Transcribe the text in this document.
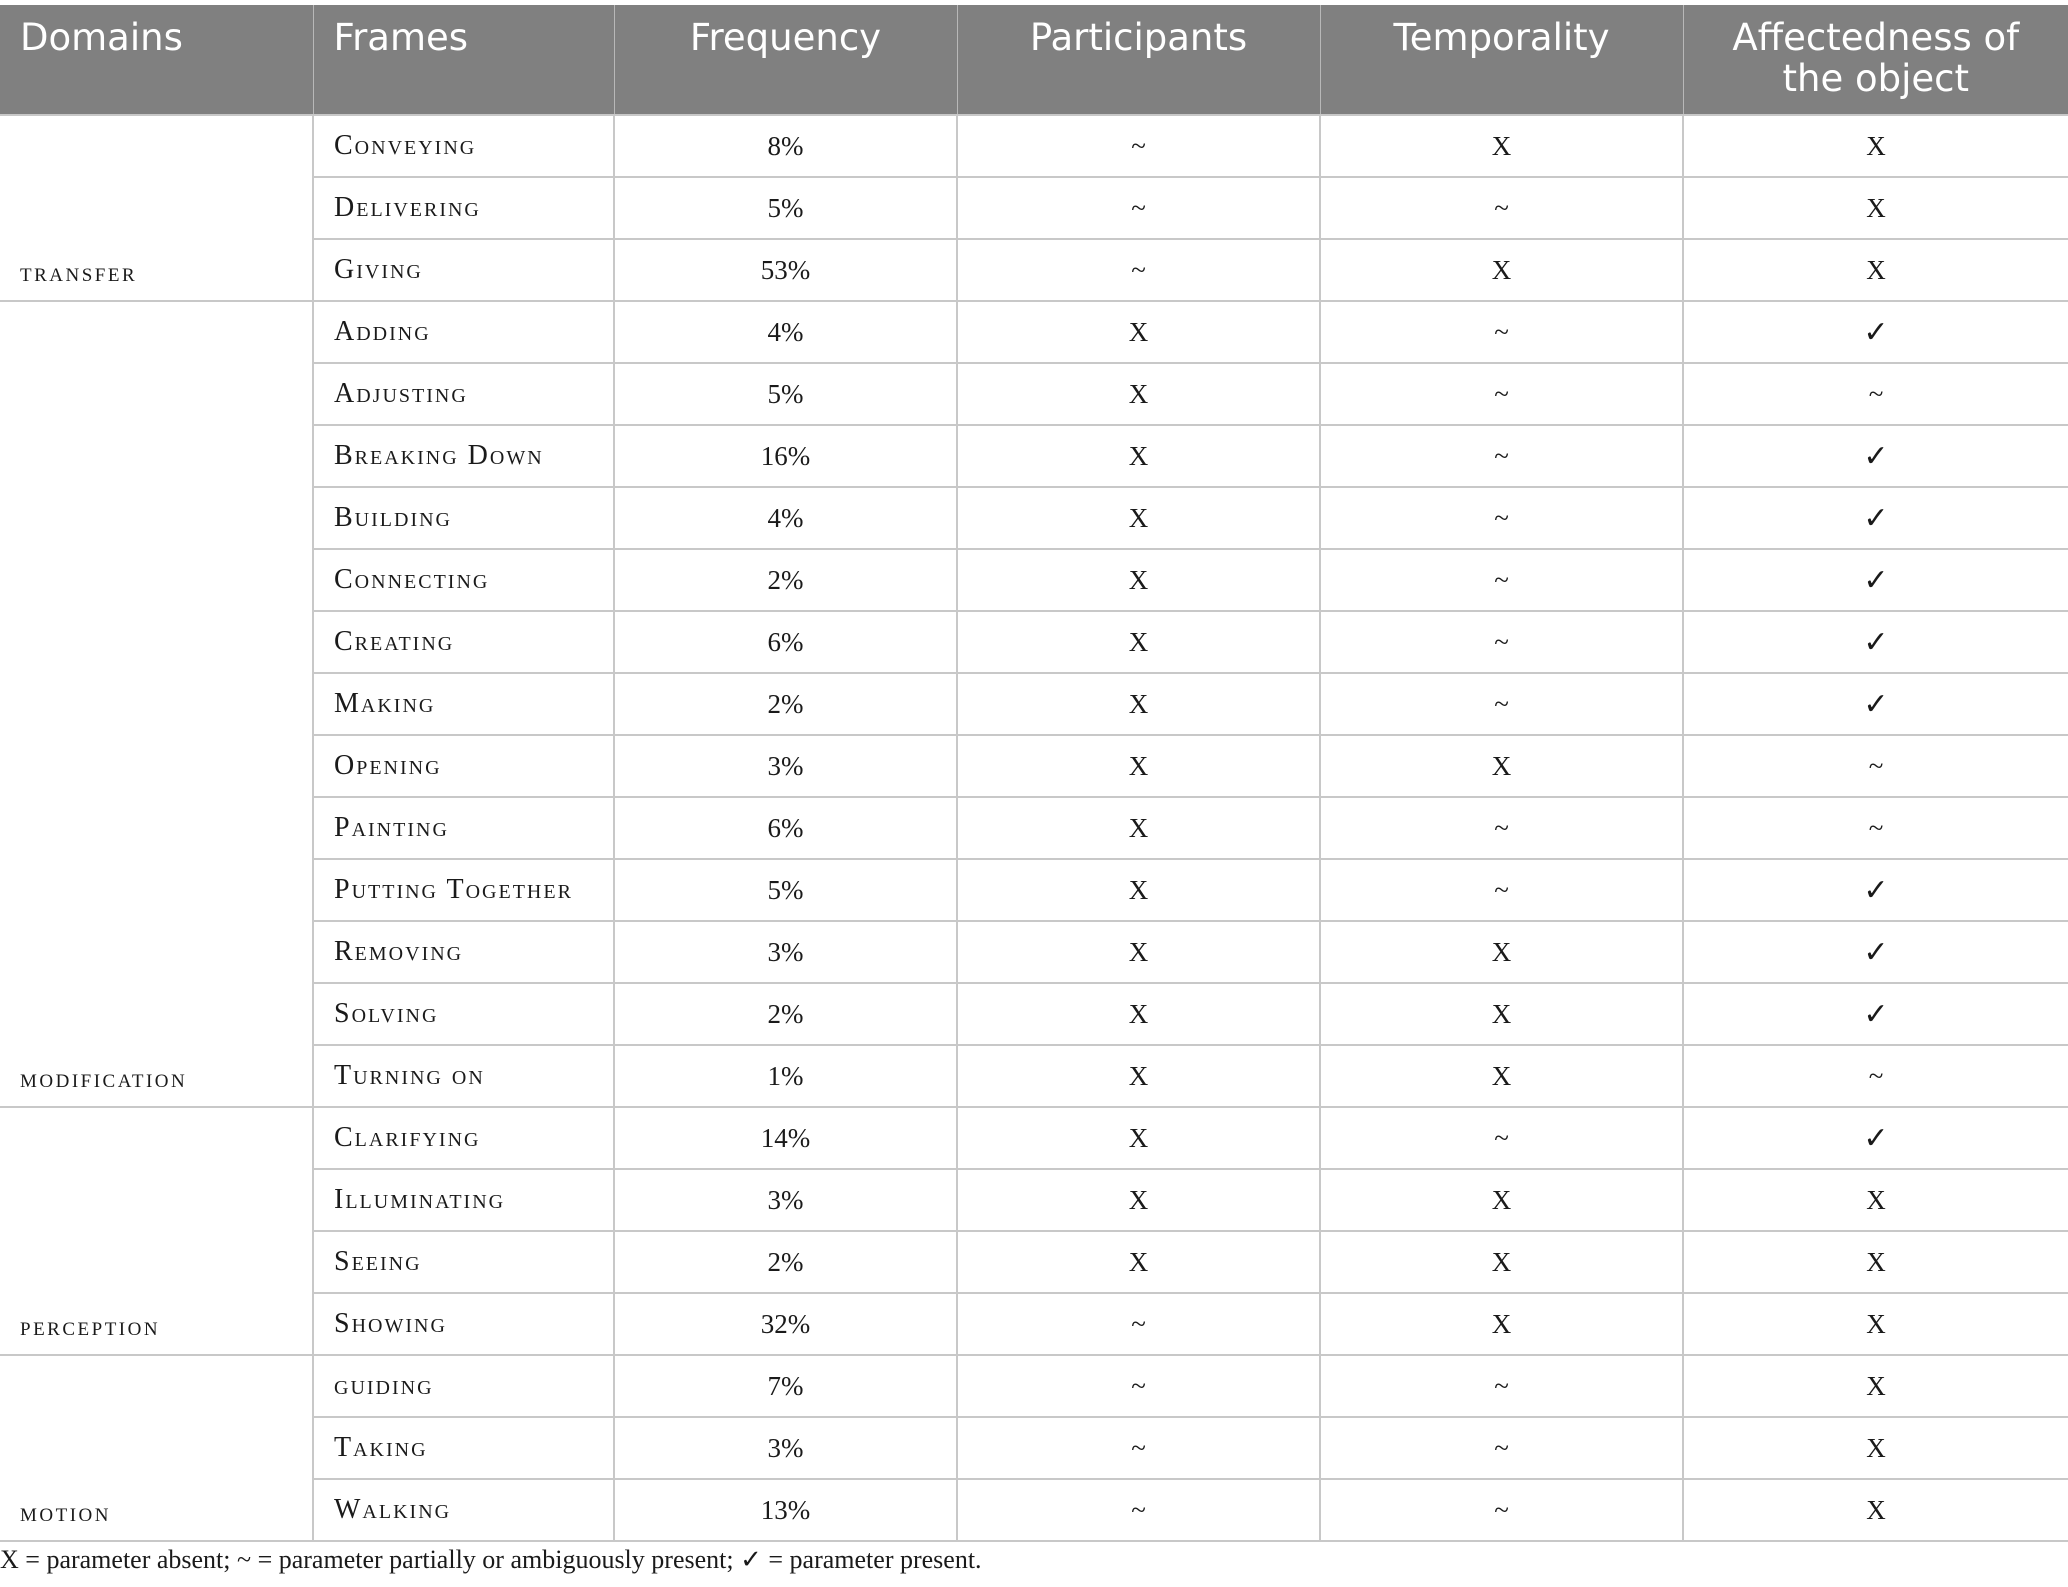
Domains	Frames	Frequency	Participants	Temporality	Affectedness of the object
transfer	Conveying	8%	~	X	X
	Delivering	5%	~	~	X
	Giving	53%	~	X	X
modification	Adding	4%	X	~	✓
	Adjusting	5%	X	~	~
	Breaking Down	16%	X	~	✓
	Building	4%	X	~	✓
	Connecting	2%	X	~	✓
	Creating	6%	X	~	✓
	Making	2%	X	~	✓
	Opening	3%	X	X	~
	Painting	6%	X	~	~
	Putting Together	5%	X	~	✓
	Removing	3%	X	X	✓
	Solving	2%	X	X	✓
	Turning on	1%	X	X	~
perception	Clarifying	14%	X	~	✓
	Illuminating	3%	X	X	X
	Seeing	2%	X	X	X
	Showing	32%	~	X	X
motion	guiding	7%	~	~	X
	Taking	3%	~	~	X
	Walking	13%	~	~	X
X = parameter absent; ~ = parameter partially or ambiguously present; ✓ = parameter present.
